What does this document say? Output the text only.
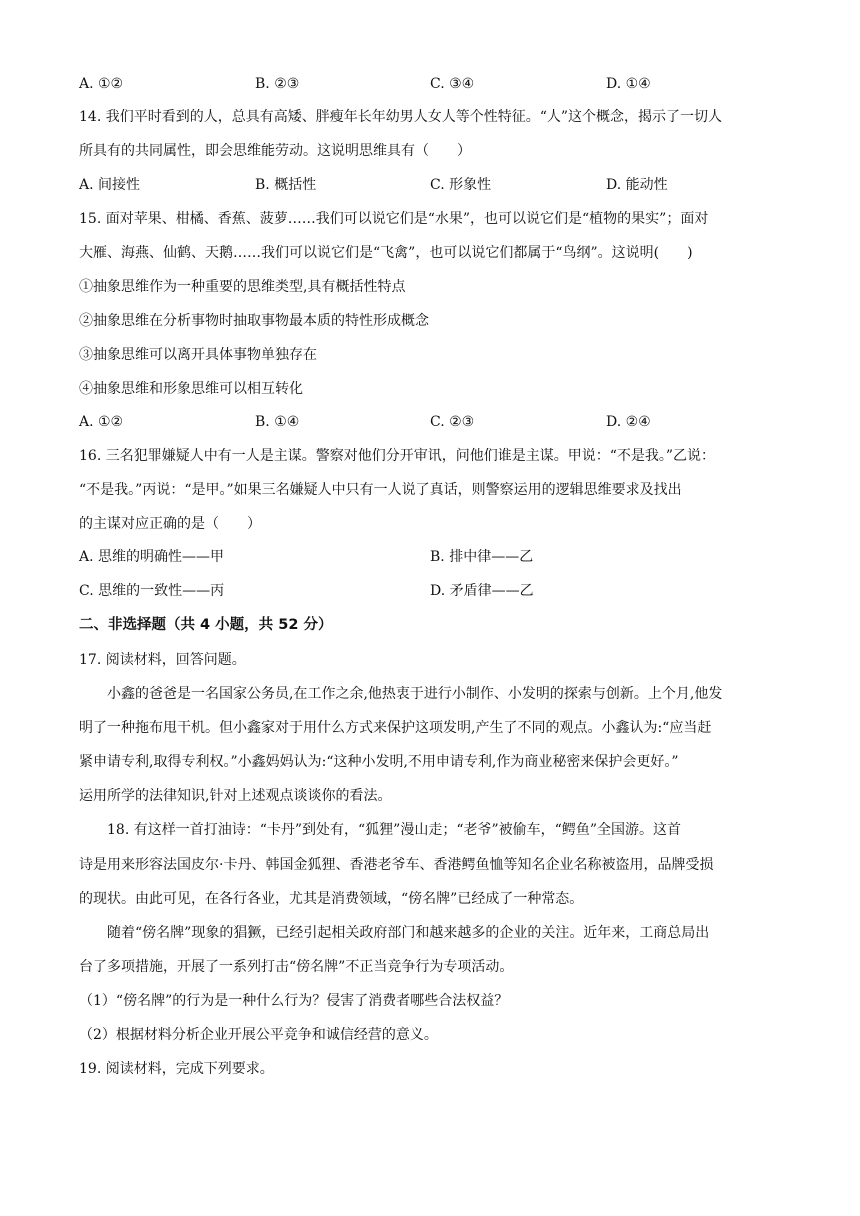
A. ①②	B. ②③	C. ③④	D. ①④
14. 我们平时看到的人，总具有高矮、胖瘦年长年幼男人女人等个性特征。“人”这个概念，揭示了一切人
所具有的共同属性，即会思维能劳动。这说明思维具有（　　）
A. 间接性	B. 概括性	C. 形象性	D. 能动性
15. 面对苹果、柑橘、香蕉、菠萝……我们可以说它们是“水果”，也可以说它们是“植物的果实”；面对
大雁、海燕、仙鹤、天鹅……我们可以说它们是“飞禽”，也可以说它们都属于“鸟纲”。这说明(　　)
①抽象思维作为一种重要的思维类型,具有概括性特点
②抽象思维在分析事物时抽取事物最本质的特性形成概念
③抽象思维可以离开具体事物单独存在
④抽象思维和形象思维可以相互转化
A. ①②	B. ①④	C. ②③	D. ②④
16. 三名犯罪嫌疑人中有一人是主谋。警察对他们分开审讯，问他们谁是主谋。甲说：“不是我。”乙说：
“不是我。”丙说：“是甲。”如果三名嫌疑人中只有一人说了真话，则警察运用的逻辑思维要求及找出
的主谋对应正确的是（　　）
A. 思维的明确性——甲	B. 排中律——乙
C. 思维的一致性——丙	D. 矛盾律——乙
二、非选择题（共 4 小题，共 52 分）
17. 阅读材料，回答问题。
小鑫的爸爸是一名国家公务员,在工作之余,他热衷于进行小制作、小发明的探索与创新。上个月,他发
明了一种拖布甩干机。但小鑫家对于用什么方式来保护这项发明,产生了不同的观点。小鑫认为:“应当赶
紧申请专利,取得专利权。”小鑫妈妈认为:“这种小发明,不用申请专利,作为商业秘密来保护会更好。”
运用所学的法律知识,针对上述观点谈谈你的看法。
18. 有这样一首打油诗：“卡丹”到处有，“狐狸”漫山走；“老爷”被偷车，“鳄鱼”全国游。这首
诗是用来形容法国皮尔·卡丹、韩国金狐狸、香港老爷车、香港鳄鱼恤等知名企业名称被盗用，品牌受损
的现状。由此可见，在各行各业，尤其是消费领域，“傍名牌”已经成了一种常态。
随着“傍名牌”现象的猖獗，已经引起相关政府部门和越来越多的企业的关注。近年来，工商总局出
台了多项措施，开展了一系列打击“傍名牌”不正当竞争行为专项活动。
（1）“傍名牌”的行为是一种什么行为？侵害了消费者哪些合法权益？
（2）根据材料分析企业开展公平竞争和诚信经营的意义。
19. 阅读材料，完成下列要求。
